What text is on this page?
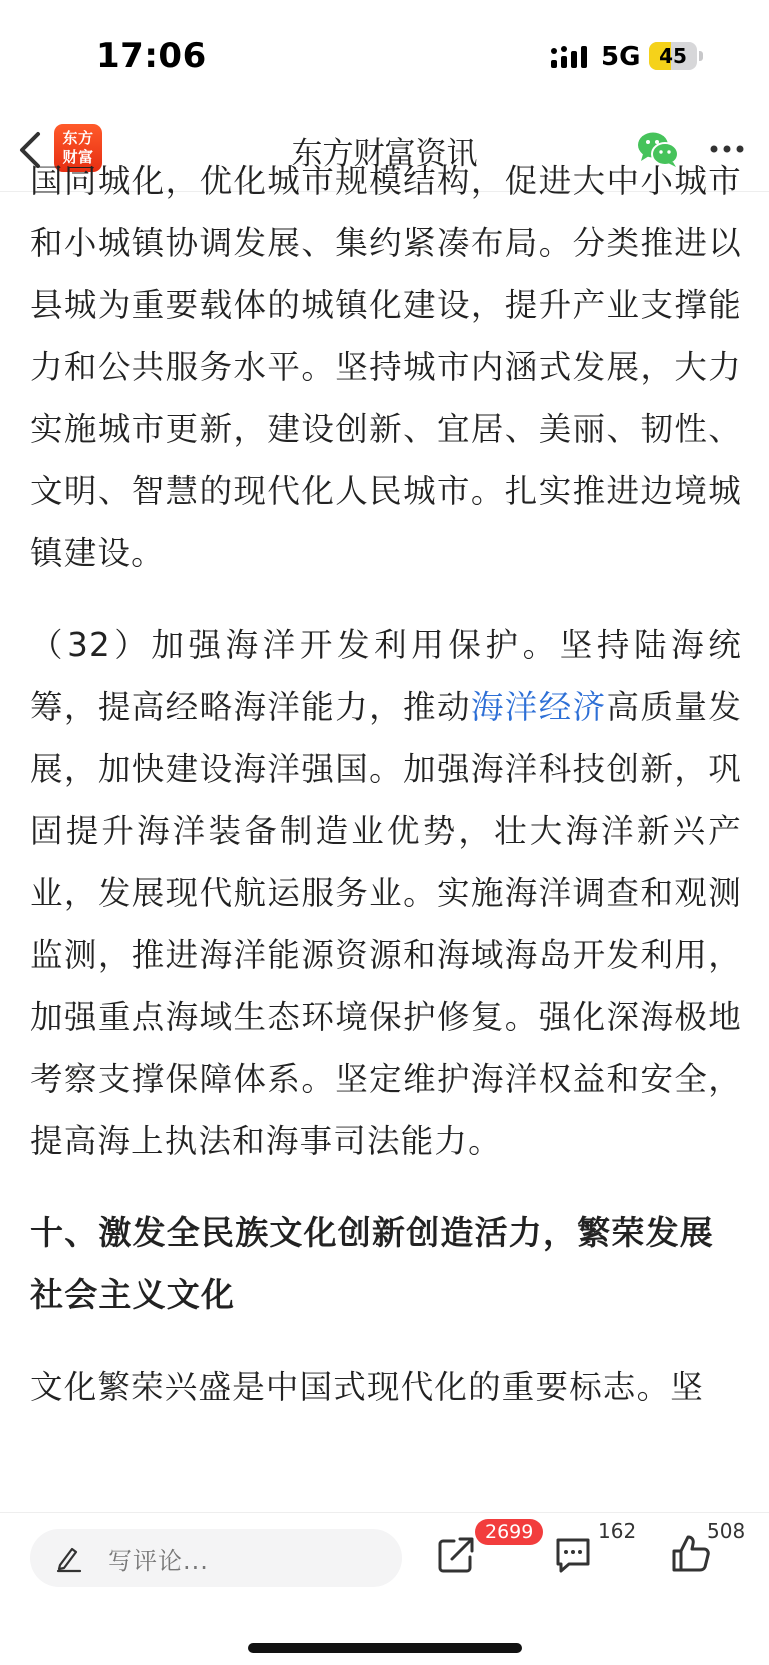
17:06	5G 45
东方
财富	东方财富资讯

国同城化，优化城市规模结构，促进大中小城市和小城镇协调发展、集约紧凑布局。分类推进以县城为重要载体的城镇化建设，提升产业支撑能力和公共服务水平。坚持城市内涵式发展，大力实施城市更新，建设创新、宜居、美丽、韧性、文明、智慧的现代化人民城市。扎实推进边境城镇建设。

（32）加强海洋开发利用保护。坚持陆海统筹，提高经略海洋能力，推动海洋经济高质量发展，加快建设海洋强国。加强海洋科技创新，巩固提升海洋装备制造业优势，壮大海洋新兴产业，发展现代航运服务业。实施海洋调查和观测监测，推进海洋能源资源和海域海岛开发利用，加强重点海域生态环境保护修复。强化深海极地考察支撑保障体系。坚定维护海洋权益和安全，提高海上执法和海事司法能力。

十、激发全民族文化创新创造活力，繁荣发展社会主义文化

文化繁荣兴盛是中国式现代化的重要标志。坚

写评论...
2699	162	508
